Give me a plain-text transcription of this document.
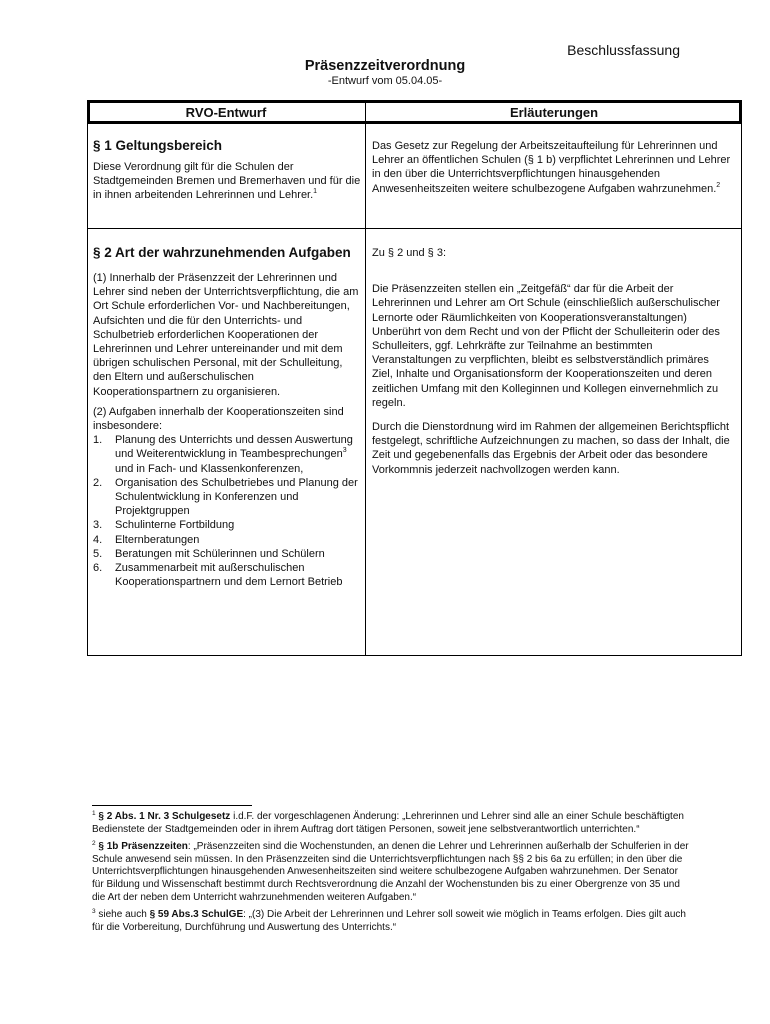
Beschlussfassung
Präsenzzeitverordnung
-Entwurf vom 05.04.05-
RVO-Entwurf	Erläuterungen

§ 1 Geltungsbereich

Diese Verordnung gilt für die Schulen der Stadtgemeinden Bremen und Bremerhaven und für die in ihnen arbeitenden Lehrerinnen und Lehrer.$^1$

Das Gesetz zur Regelung der Arbeitszeitaufteilung für Lehrerinnen und Lehrer an öffentlichen Schulen (§ 1 b) verpflichtet Lehrerinnen und Lehrer in den über die Unterrichtsverpflichtungen hinausgehenden Anwesenheitszeiten weitere schulbezogene Aufgaben wahrzunehmen.$^2$

§ 2 Art der wahrzunehmenden Aufgaben

(1) Innerhalb der Präsenzzeit der Lehrerinnen und Lehrer sind neben der Unterrichtsverpflichtung, die am Ort Schule erforderlichen Vor- und Nachbereitungen, Aufsichten und die für den Unterrichts- und Schulbetrieb erforderlichen Kooperationen der Lehrerinnen und Lehrer untereinander und mit dem übrigen schulischen Personal, mit der Schulleitung, den Eltern und außerschulischen Kooperationspartnern zu organisieren.

(2) Aufgaben innerhalb der Kooperationszeiten sind insbesondere:

1. Planung des Unterrichts und dessen Auswertung und Weiterentwicklung in Teambesprechungen$^3$ und in Fach- und Klassenkonferenzen,
2. Organisation des Schulbetriebes und Planung der Schulentwicklung in Konferenzen und Projektgruppen
3. Schulinterne Fortbildung
4. Elternberatungen
5. Beratungen mit Schülerinnen und Schülern
6. Zusammenarbeit mit außerschulischen Kooperationspartnern und dem Lernort Betrieb

Zu § 2 und § 3:

Die Präsenzzeiten stellen ein „Zeitgefäß“ dar für die Arbeit der Lehrerinnen und Lehrer am Ort Schule (einschließlich außerschulischer Lernorte oder Räumlichkeiten von Kooperationsveranstaltungen)

Unberührt von dem Recht und von der Pflicht der Schulleiterin oder des Schulleiters, ggf. Lehrkräfte zur Teilnahme an bestimmten Veranstaltungen zu verpflichten, bleibt es selbstverständlich primäres Ziel, Inhalte und Organisationsform der Kooperationszeiten und deren zeitlichen Umfang mit den Kolleginnen und Kollegen einvernehmlich zu regeln.

Durch die Dienstordnung wird im Rahmen der allgemeinen Berichtspflicht festgelegt, schriftliche Aufzeichnungen zu machen, so dass der Inhalt, die Zeit und gegebenenfalls das Ergebnis der Arbeit oder das besondere Vorkommnis jederzeit nachvollzogen werden kann.

$^1$ § 2 Abs. 1 Nr. 3 Schulgesetz i.d.F. der vorgeschlagenen Änderung: „Lehrerinnen und Lehrer sind alle an einer Schule beschäftigten Bedienstete der Stadtgemeinden oder in ihrem Auftrag dort tätigen Personen, soweit jene selbstverantwortlich unterrichten.“

$^2$ § 1b Präsenzzeiten: „Präsenzzeiten sind die Wochenstunden, an denen die Lehrer und Lehrerinnen außerhalb der Schulferien in der Schule anwesend sein müssen. In den Präsenzzeiten sind die Unterrichtsverpflichtungen nach §§ 2 bis 6a zu erfüllen; in den über die Unterrichtsverpflichtungen hinausgehenden Anwesenheitszeiten sind weitere schulbezogene Aufgaben wahrzunehmen. Der Senator für Bildung und Wissenschaft bestimmt durch Rechtsverordnung die Anzahl der Wochenstunden bis zu einer Obergrenze von 35 und die Art der neben dem Unterricht wahrzunehmenden weiteren Aufgaben.“

$^3$ siehe auch § 59 Abs.3 SchulGE: „(3) Die Arbeit der Lehrerinnen und Lehrer soll soweit wie möglich in Teams erfolgen. Dies gilt auch für die Vorbereitung, Durchführung und Auswertung des Unterrichts.“
